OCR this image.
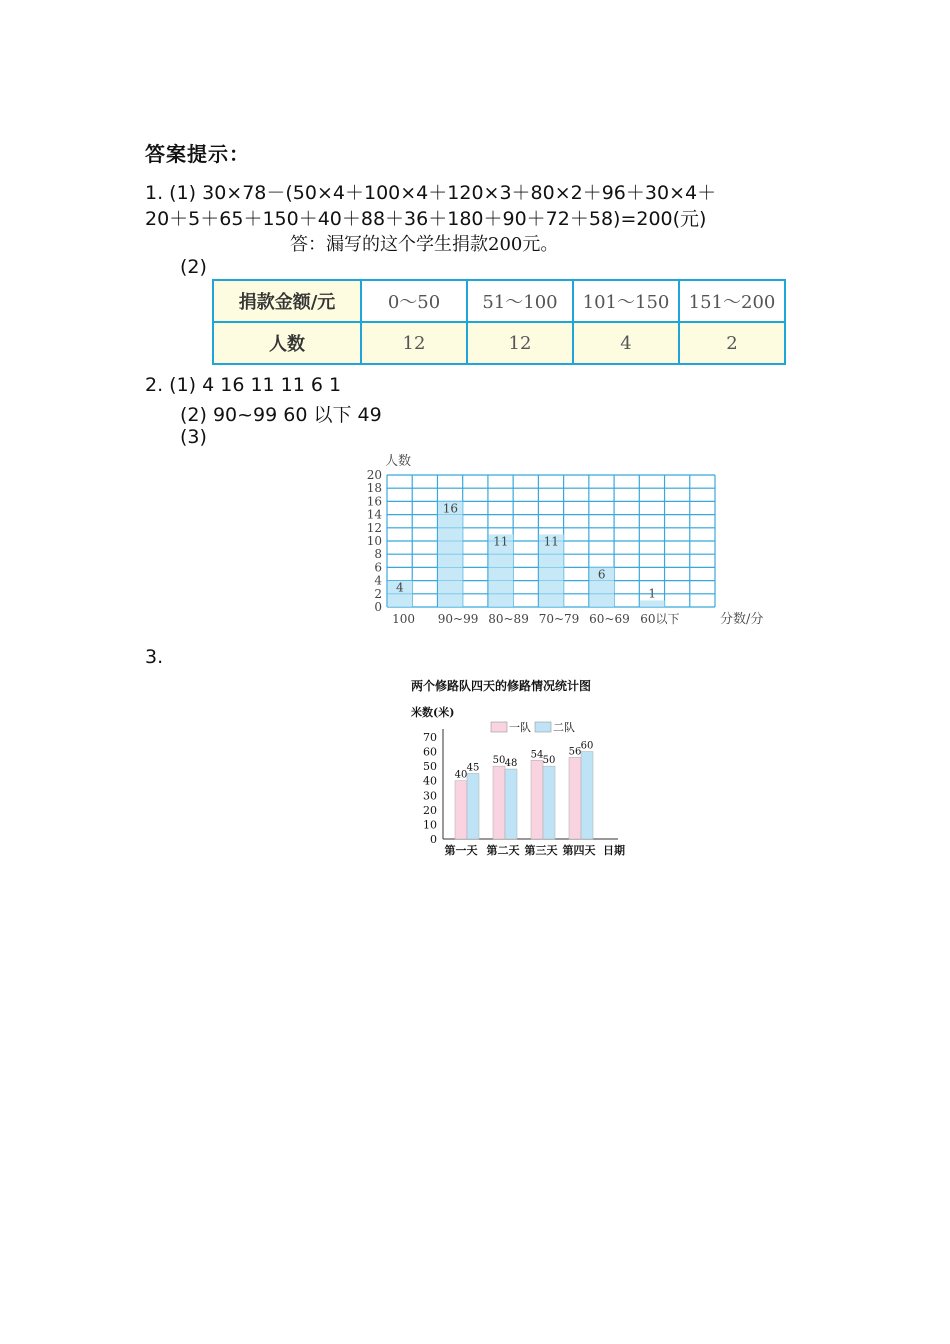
答案提示：
1. (1) 30×78－(50×4＋100×4＋120×3＋80×2＋96＋30×4＋
20＋5＋65＋150＋40＋88＋36＋180＋90＋72＋58)=200(元)
答：漏写的这个学生捐款200元。
(2)
捐款金额/元	0～50	51～100	101～150	151～200
人数	12	12	4	2
2. (1) 4 16 11 11 6 1
(2) 90~99 60 以下 49
(3)
4
16
11	11
6
1
0
2
4
6
8
10
12
14
16
18
20
人数
100 90~99 80~89 70~79 60~69 60以下	分数/分
3.
两个修路队四天的修路情况统计图
米数(米)
一队 二队
0
10
20
30
40
50
60
70
40
45
第一天
50 48
第二天
54
50
第三天
56
60
第四天 日期
